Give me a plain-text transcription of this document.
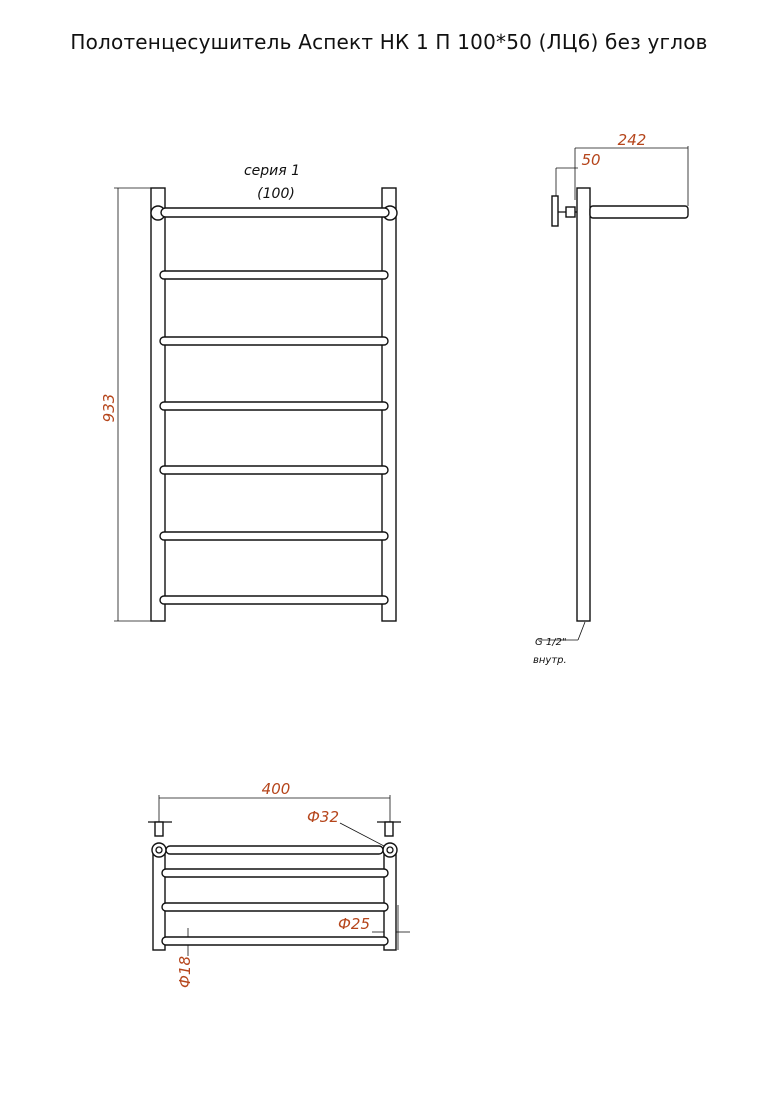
Полотенцесушитель Аспект НК 1 П 100*50 (ЛЦ6) без углов
933
серия 1
(100)
242
50
G 1/2"
внутр.
400
Ф32
Ф25
Ф18
